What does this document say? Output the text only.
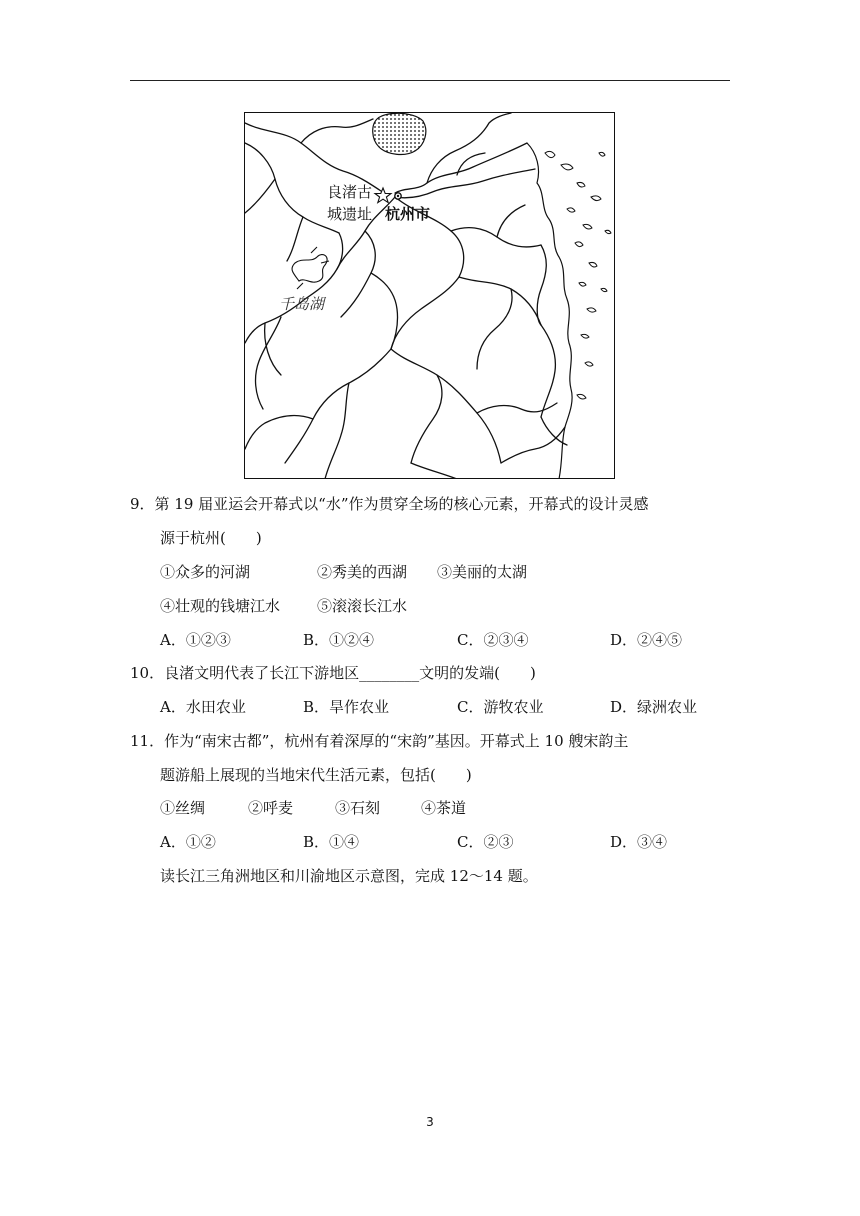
良渚古
城遗址 杭州市
千岛湖
9．第 19 届亚运会开幕式以“水”作为贯穿全场的核心元素，开幕式的设计灵感
源于杭州(　　)
①众多的河湖	②秀美的西湖 ③美丽的太湖
④壮观的钱塘江水 ⑤滚滚长江水
A．①②③	B．①②④	C．②③④	D．②④⑤
10．良渚文明代表了长江下游地区________文明的发端(　　)
A．水田农业	B．旱作农业	C．游牧农业	D．绿洲农业
11．作为“南宋古都”，杭州有着深厚的“宋韵”基因。开幕式上 10 艘宋韵主
题游船上展现的当地宋代生活元素，包括(　　)
①丝绸	②呼麦	③石刻	④茶道
A．①②	B．①④	C．②③	D．③④
读长江三角洲地区和川渝地区示意图，完成 12～14 题。
3
